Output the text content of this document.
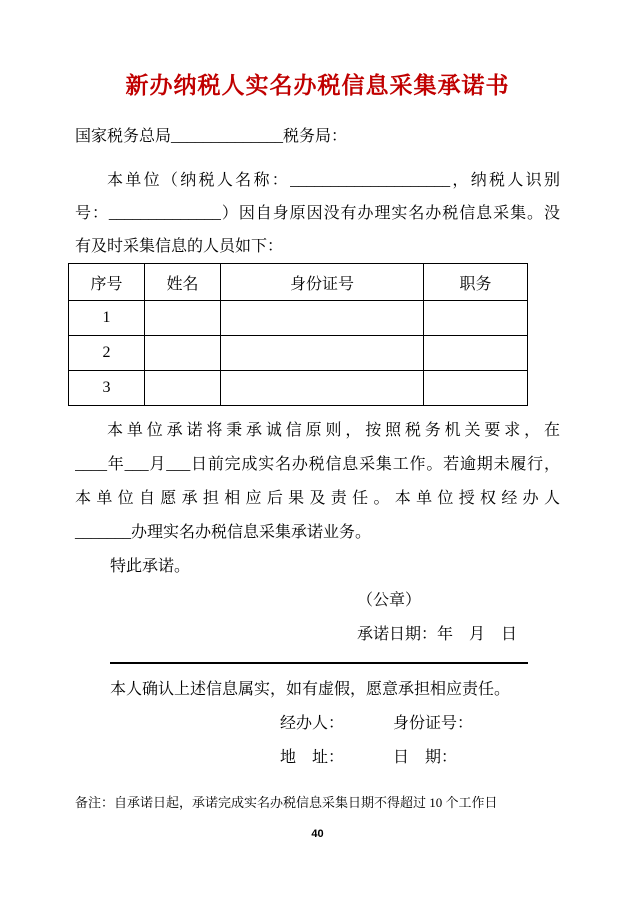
新办纳税人实名办税信息采集承诺书
国家税务总局______________税务局：
本单位（纳税人名称：____________________，纳税人识别
号：______________）因自身原因没有办理实名办税信息采集。没
有及时采集信息的人员如下：
序号	姓名	身份证号	职务
1			
2			
3			
本单位承诺将秉承诚信原则，按照税务机关要求，在
____年___月___日前完成实名办税信息采集工作。若逾期未履行，
本单位自愿承担相应后果及责任。本单位授权经办人
_______办理实名办税信息采集承诺业务。
特此承诺。
（公章）
承诺日期：年　月　日
本人确认上述信息属实，如有虚假，愿意承担相应责任。
经办人：	身份证号：
地　址：	日　期：
备注：自承诺日起，承诺完成实名办税信息采集日期不得超过 10 个工作日
40
